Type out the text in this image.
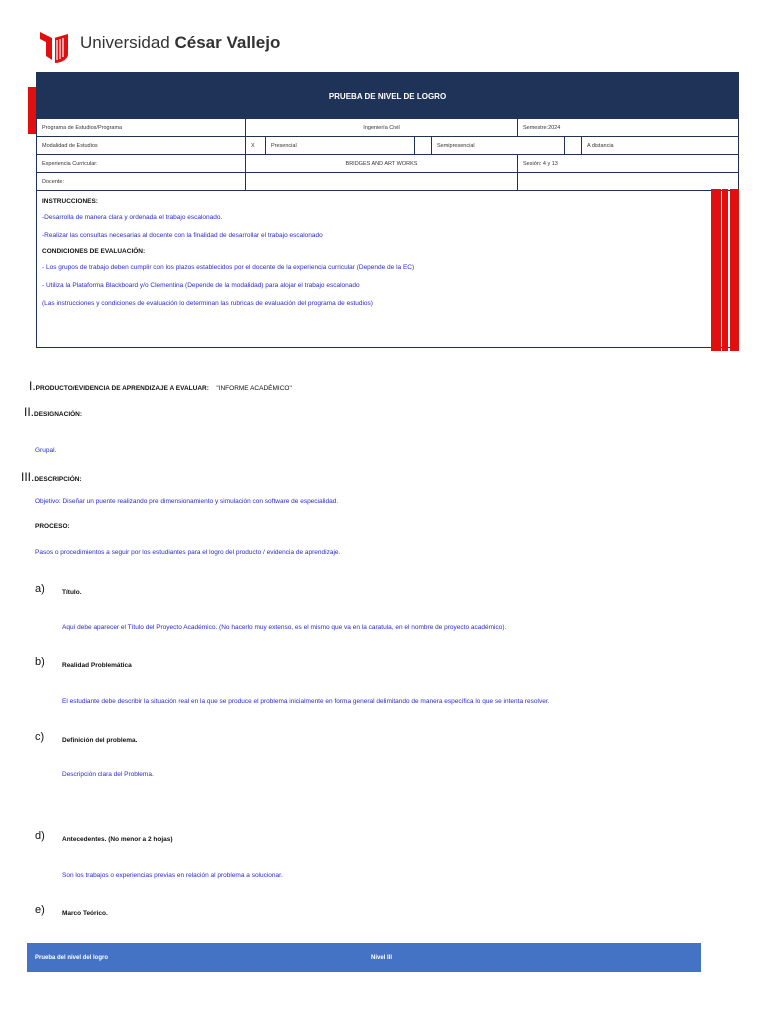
Universidad César Vallejo
PRUEBA DE NIVEL DE LOGRO
Programa de Estudios/Programa	Ingeniería Civil	Semestre:2024
Modalidad de Estudios	X	Presencial	Semipresencial	A distancia
Experiencia Curricular:	BRIDGES AND ART WORKS	Sesión: 4 y 13
Docente:
INSTRUCCIONES:
-Desarrolla de manera clara y ordenada el trabajo escalonado.
-Realizar las consultas necesarias al docente con la finalidad de desarrollar el trabajo escalonado
CONDICIONES DE EVALUACIÓN:
- Los grupos de trabajo deben cumplir con los plazos establecidos por el docente de la experiencia curricular (Depende de la EC)
- Utiliza la Plataforma Blackboard y/o Clementina (Depende de la modalidad) para alojar el trabajo escalonado
(Las instrucciones y condiciones de evaluación lo determinan las rubricas de evaluación del programa de estudios)
I.PRODUCTO/EVIDENCIA DE APRENDIZAJE A EVALUAR: "INFORME ACADÉMICO"
II.DESIGNACIÓN:
Grupal.
III.DESCRIPCIÓN:
Objetivo: Diseñar un puente realizando pre dimensionamiento y simulación con software de especialidad.
PROCESO:
Pasos o procedimientos a seguir por los estudiantes para el logro del producto / evidencia de aprendizaje.
a)	Título.
Aquí debe aparecer el Título del Proyecto Académico. (No hacerlo muy extenso, es el mismo que va en la caratula, en el nombre de proyecto académico).
b)	Realidad Problemática
El estudiante debe describir la situación real en la que se produce el problema inicialmente en forma general delimitando de manera específica lo que se intenta resolver.
c)	Definición del problema.
Descripción clara del Problema.
d)	Antecedentes. (No menor a 2 hojas)
Son los trabajos o experiencias previas en relación al problema a solucionar.
e)	Marco Teórico.
Prueba del nivel del logro	Nivel III
